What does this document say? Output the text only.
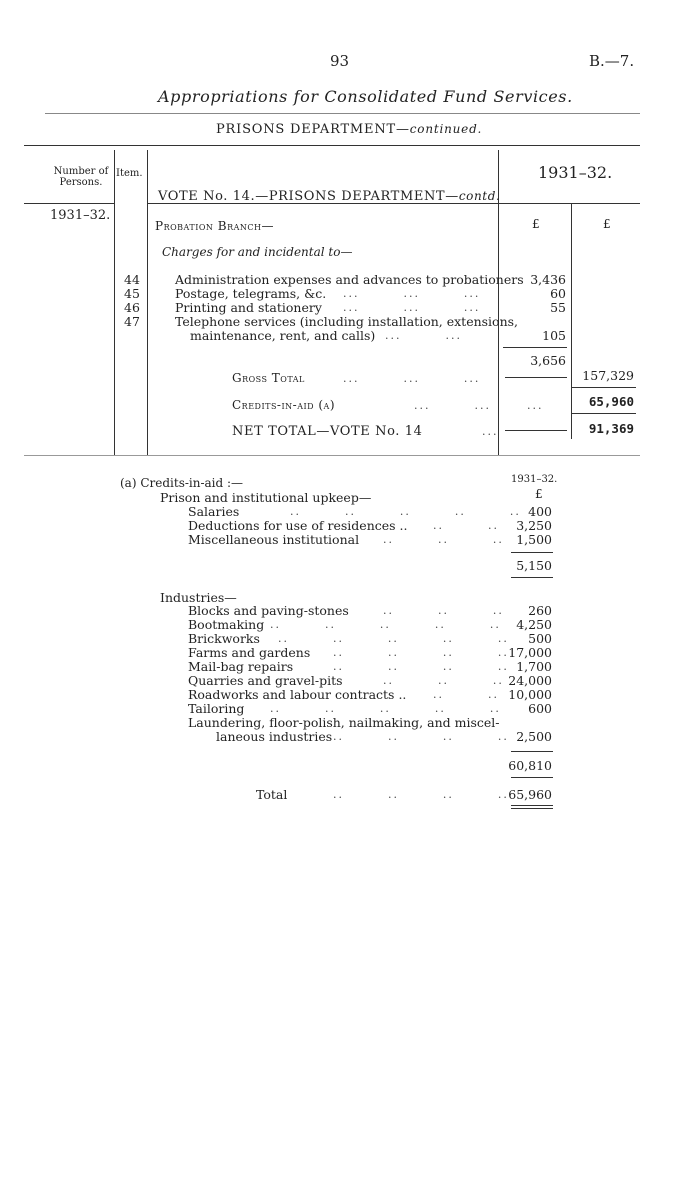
93	B.—7.
Appropriations for Consolidated Fund Services.
PRISONS DEPARTMENT—continued.
Number of Persons.
Item.	1931–32.
VOTE No. 14.—PRISONS DEPARTMENT—contd.
1931–32.
Probation Branch—	£	£
Charges for and incidental to—
44	Administration expenses and advances to probationers 3,436
45	Postage, telegrams, &c. ...        ...        ...	60
46	Printing and stationery ...        ...        ...	55
47	Telephone services (including installation, extensions,
maintenance, rent, and calls) ...        ...	105
3,656
Gross Total	...        ...        ...	157,329
Credits-in-aid (a)	...        ...	...	65,960
NET TOTAL—VOTE No. 14	...	91,369
(a) Credits-in-aid :—	1931–32.
£
Prison and institutional upkeep—
Salaries	..        ..        ..        ..        .. 400
Deductions for use of residences .. ..        ..	3,250
Miscellaneous institutional ..        ..        .. 1,500
5,150
Industries—
Blocks and paving-stones	..        ..        ..	260
Bootmaking ..        ..        ..        ..        ..	4,250
Brickworks ..        ..        ..        ..        ..	500
Farms and gardens ..        ..        ..        .. 17,000
Mail-bag repairs	..        ..        ..        .. 1,700
Quarries and gravel-pits	..        ..        .. 24,000
Roadworks and labour contracts .. ..        .. 10,000
Tailoring ..        ..        ..        ..        ..	600
Laundering, floor-polish, nailmaking, and miscel-
laneous industries ..        ..        ..        .. 2,500
60,810
Total	..        ..        ..        .. 65,960
